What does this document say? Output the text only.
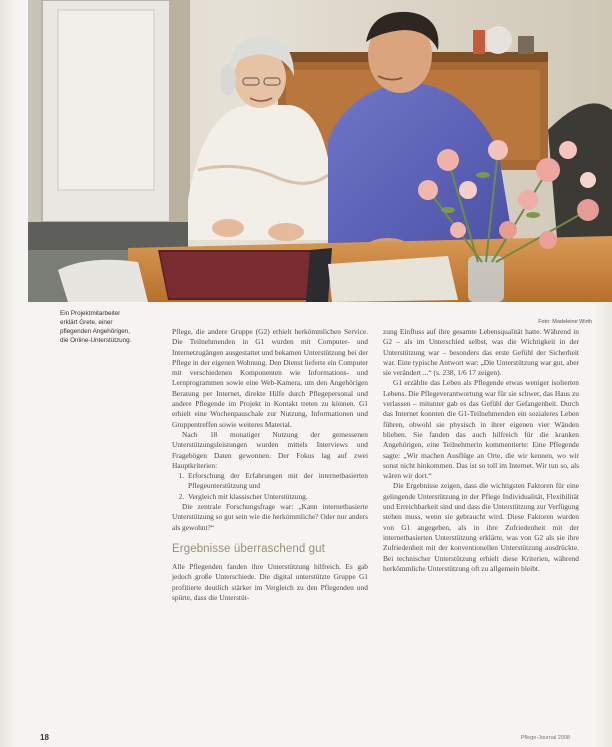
Foto: Madeleine Wirth
Ein Projektmitarbeiter
erklärt Grete, einer
pflegenden Angehörigen,
die Online-Unterstützung.

Pflege, die andere Gruppe (G2) erhielt herkömmlichen Service. Die Teilnehmenden in G1 wurden mit Computer- und Internetzugängen ausgestattet und bekamen Unterstützung bei der Pflege in der eigenen Wohnung. Den Dienst lieferte ein Computer mit verschiedenen Komponenten wie Informations- und Lernprogrammen sowie eine Web-Kamera, um den Angehörigen Beratung per Internet, direkte Hilfe durch Pflegepersonal und andere Pflegende im Projekt in Kontakt treten zu können. G1 erhielt eine Wochenpauschale zur Nutzung, Informationen und Gruppentreffen sowie weiteres Material.

Nach 18 monatiger Nutzung der gemessenen Unterstützungsleistungen wurden mittels Interviews und Fragebögen Daten gewonnen. Der Fokus lag auf zwei Hauptkriterien:

1. Erforschung der Erfahrungen mit der internetbasierten Pflegeunterstützung und
2. Vergleich mit klassischer Unterstützung.

Die zentrale Forschungsfrage war: „Kann internetbasierte Unterstützung so gut sein wie die herkömmliche? Oder nur anders als gewohnt?“

Ergebnisse überraschend gut

Alle Pflegenden fanden ihre Unterstützung hilfreich. Es gab jedoch große Unterschiede. Die digital unterstützte Gruppe G1 profitierte deutlich stärker im Vergleich zu den Pflegenden und spürte, dass die Unterstüt-

zung Einfluss auf ihre gesamte Lebensqualität hatte. Während in G2 – als im Unterschied selbst, was die Wichtigkeit in der Unterstützung war – besonders das erste Gefühl der Sicherheit war. Eine typische Antwort war: „Die Unterstützung war gut, aber sie verändert ...“ (s. 238, 1/6 17 zeigen).

G1 erzählte das Leben als Pflegende etwas weniger isolierten Lebens. Die Pflegeverantwortung war für sie schwer, das Haus zu verlassen – mitunter gab es das Gefühl der Gefangenheit. Durch das Internet konnten die G1-Teilnehmenden ein sozialeres Leben führen, obwohl sie physisch in ihrer eigenen vier Wänden blieben. Sie fanden das auch hilfreich für die kranken Angehörigen, eine Teilnehmerin kommentierte: Eine Pflegende sagte: „Wir machen Ausflüge an Orte, die wir kennen, wo wir sonst nicht hinkommen. Das ist so toll im Internet. Wir tun so, als wären wir dort.“

Die Ergebnisse zeigen, dass die wichtigsten Faktoren für eine gelingende Unterstützung in der Pflege Individualität, Flexibilität und Erreichbarkeit sind und dass die Unterstützung zur Verfügung stehen muss, wenn sie gebraucht wird. Diese Faktoren wurden von G1 angegeben, als in ihre Zufriedenheit mit der internetbasierten Unterstützung erklärte, was von G2 als sie ihre Zufriedenheit mit der konventionellen Unterstützung ausdrückte. Bei technischer Unterstützung erhielt diese Kriterien, während herkömmliche Unterstützung oft zu allgemein bleibt.

18	Pflege-Journal 2008
